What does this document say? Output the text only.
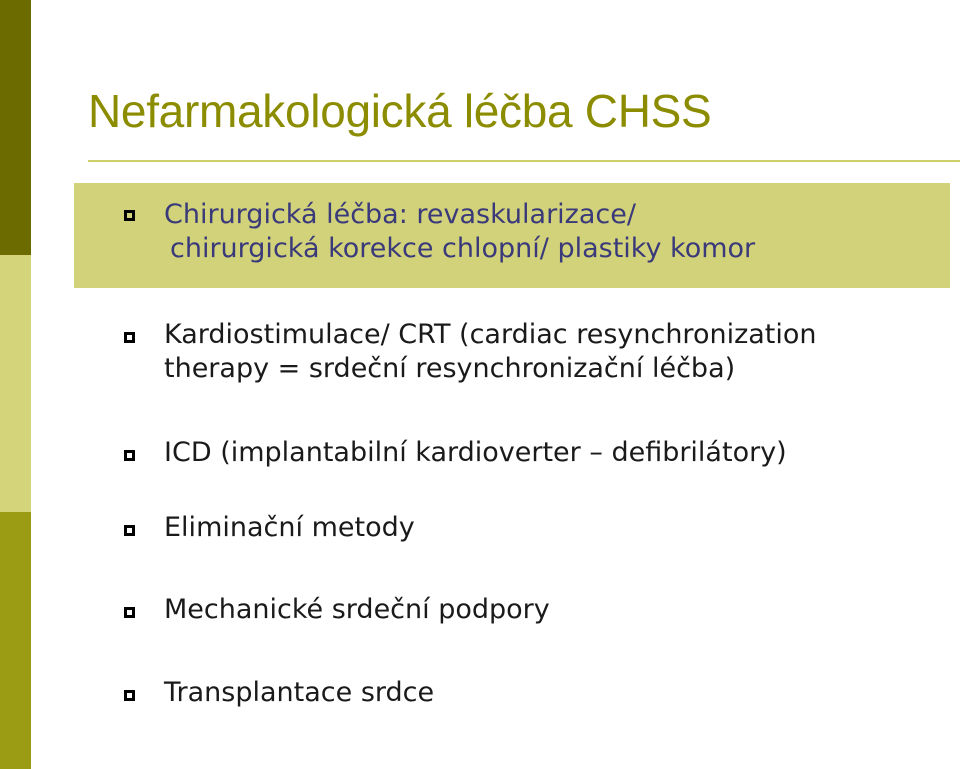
Nefarmakologická léčba CHSS
Chirurgická léčba: revaskularizace/
chirurgická korekce chlopní/ plastiky komor
Kardiostimulace/ CRT (cardiac resynchronization
therapy = srdeční resynchronizační léčba)
ICD (implantabilní kardioverter – defibrilátory)
Eliminační metody
Mechanické srdeční podpory
Transplantace srdce
